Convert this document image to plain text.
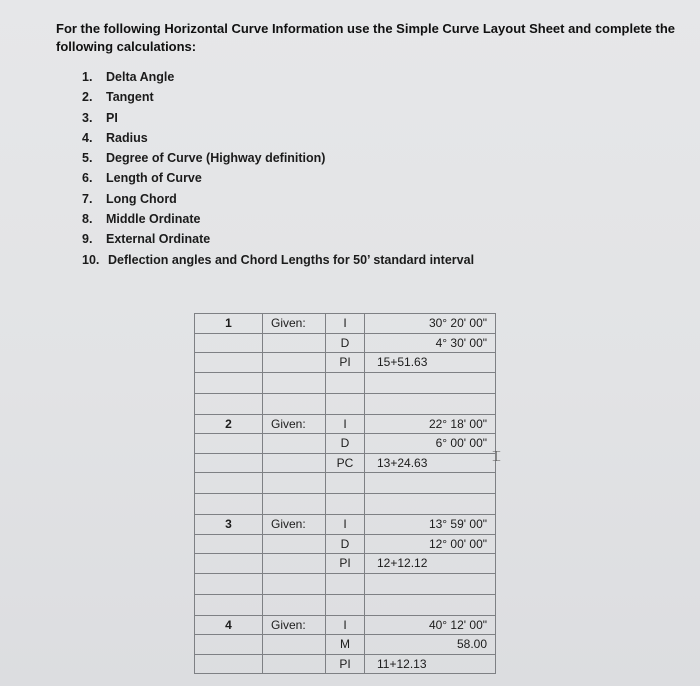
For the following Horizontal Curve Information use the Simple Curve Layout Sheet and complete the following calculations:
1. Delta Angle
2. Tangent
3. PI
4. Radius
5. Degree of Curve (Highway definition)
6. Length of Curve
7. Long Chord
8. Middle Ordinate
9. External Ordinate
10. Deflection angles and Chord Lengths for 50’ standard interval
1	Given:	I	30° 20' 00"
		D	4° 30' 00"
		PI	15+51.63

2	Given:	I	22° 18' 00"
		D	6° 00' 00"
		PC	13+24.63

3	Given:	I	13° 59' 00"
		D	12° 00' 00"
		PI	12+12.12

4	Given:	I	40° 12' 00"
		M	58.00
		PI	11+12.13
⌶
